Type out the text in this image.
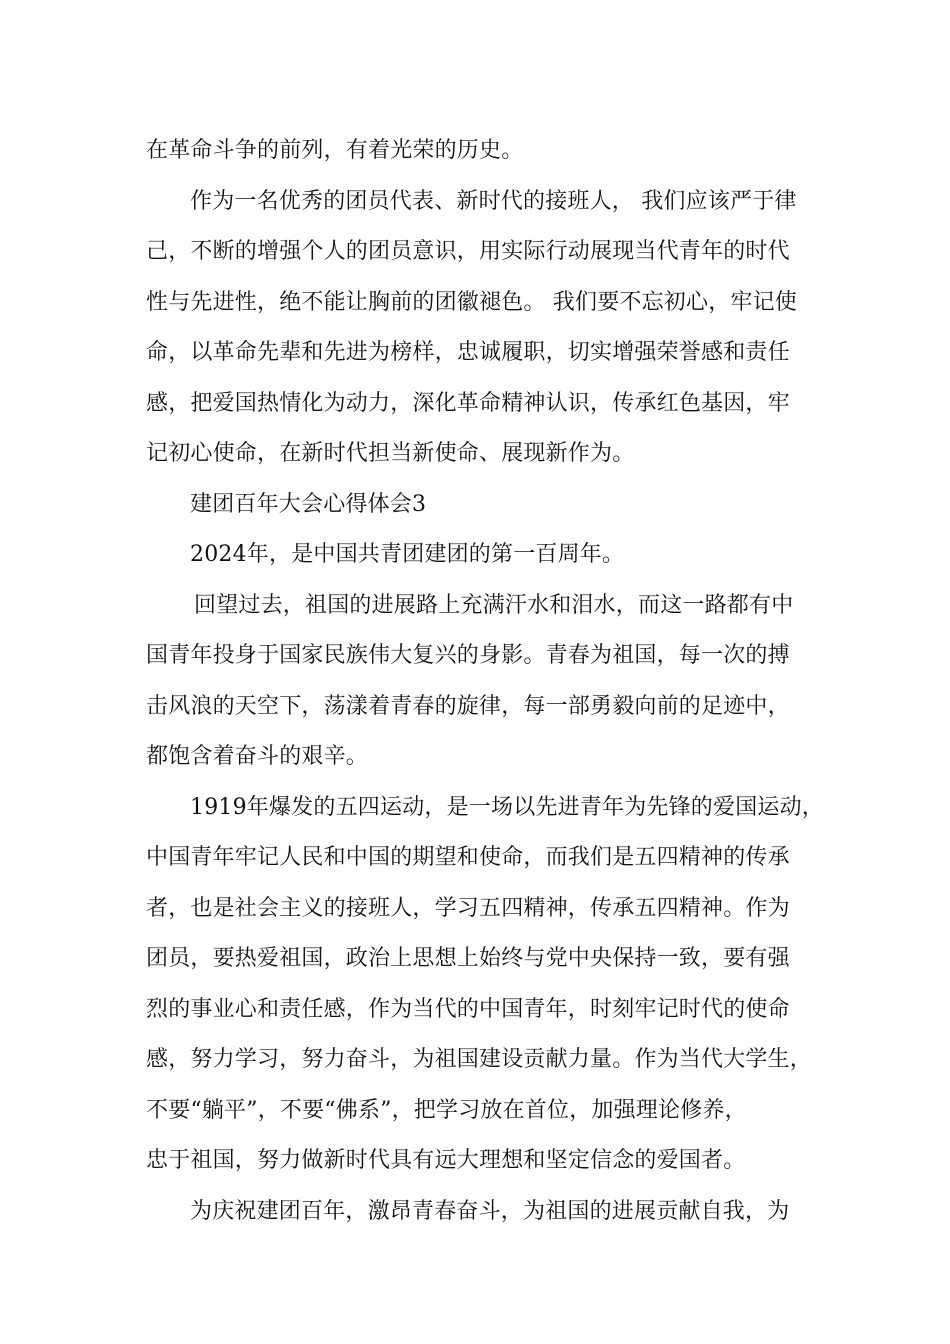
在革命斗争的前列，有着光荣的历史。
作为一名优秀的团员代表、新时代的接班人， 我们应该严于律
己，不断的增强个人的团员意识，用实际行动展现当代青年的时代
性与先进性，绝不能让胸前的团徽褪色。 我们要不忘初心，牢记使
命，以革命先辈和先进为榜样，忠诚履职，切实增强荣誉感和责任
感，把爱国热情化为动力，深化革命精神认识，传承红色基因，牢
记初心使命，在新时代担当新使命、展现新作为。
建团百年大会心得体会3
2024年，是中国共青团建团的第一百周年。
回望过去，祖国的进展路上充满汗水和泪水，而这一路都有中
国青年投身于国家民族伟大复兴的身影。青春为祖国，每一次的搏
击风浪的天空下，荡漾着青春的旋律，每一部勇毅向前的足迹中，
都饱含着奋斗的艰辛。
1919年爆发的五四运动，是一场以先进青年为先锋的爱国运动，
中国青年牢记人民和中国的期望和使命，而我们是五四精神的传承
者，也是社会主义的接班人，学习五四精神，传承五四精神。作为
团员，要热爱祖国，政治上思想上始终与党中央保持一致，要有强
烈的事业心和责任感，作为当代的中国青年，时刻牢记时代的使命
感，努力学习，努力奋斗，为祖国建设贡献力量。作为当代大学生，
不要“躺平”，不要“佛系”，把学习放在首位，加强理论修养，
忠于祖国，努力做新时代具有远大理想和坚定信念的爱国者。
为庆祝建团百年，激昂青春奋斗，为祖国的进展贡献自我，为
